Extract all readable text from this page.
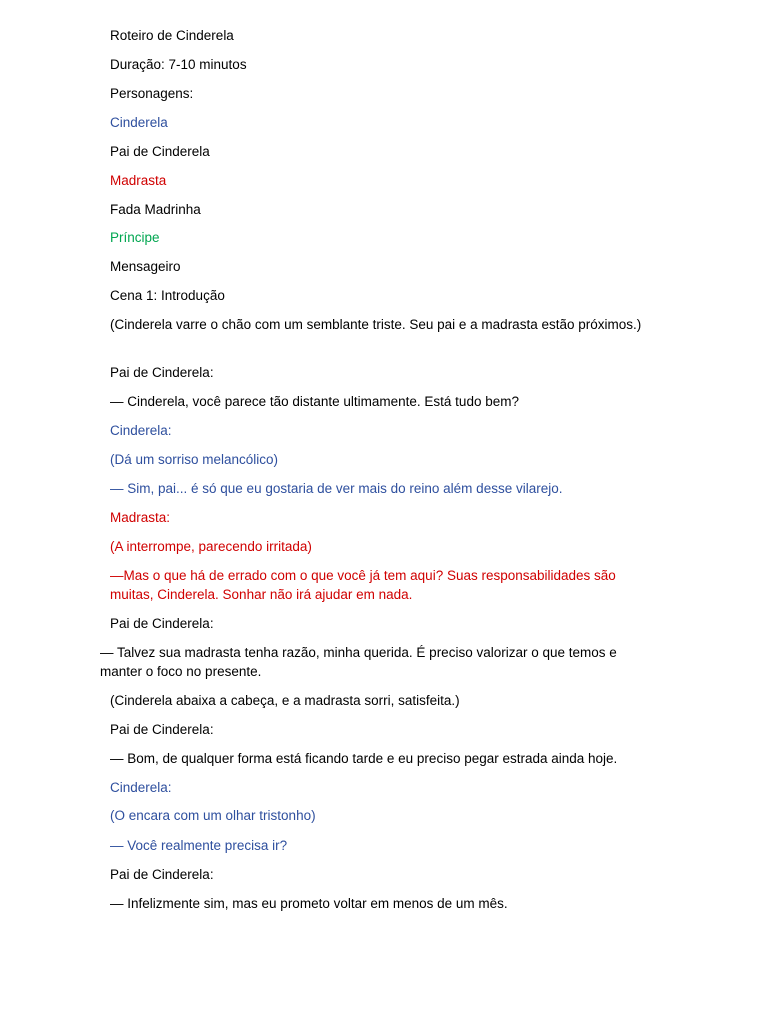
Roteiro de Cinderela
Duração: 7-10 minutos
Personagens:
Cinderela
Pai de Cinderela
Madrasta
Fada Madrinha
Príncipe
Mensageiro
Cena 1: Introdução
(Cinderela varre o chão com um semblante triste. Seu pai e a madrasta estão próximos.)
Pai de Cinderela:
— Cinderela, você parece tão distante ultimamente. Está tudo bem?
Cinderela:
(Dá um sorriso melancólico)
— Sim, pai... é só que eu gostaria de ver mais do reino além desse vilarejo.
Madrasta:
(A interrompe, parecendo irritada)
—Mas o que há de errado com o que você já tem aqui? Suas responsabilidades são muitas, Cinderela. Sonhar não irá ajudar em nada.
Pai de Cinderela:
— Talvez sua madrasta tenha razão, minha querida. É preciso valorizar o que temos e manter o foco no presente.
(Cinderela abaixa a cabeça, e a madrasta sorri, satisfeita.)
Pai de Cinderela:
— Bom, de qualquer forma está ficando tarde e eu preciso pegar estrada ainda hoje.
Cinderela:
(O encara com um olhar tristonho)
— Você realmente precisa ir?
Pai de Cinderela:
— Infelizmente sim, mas eu prometo voltar em menos de um mês.
